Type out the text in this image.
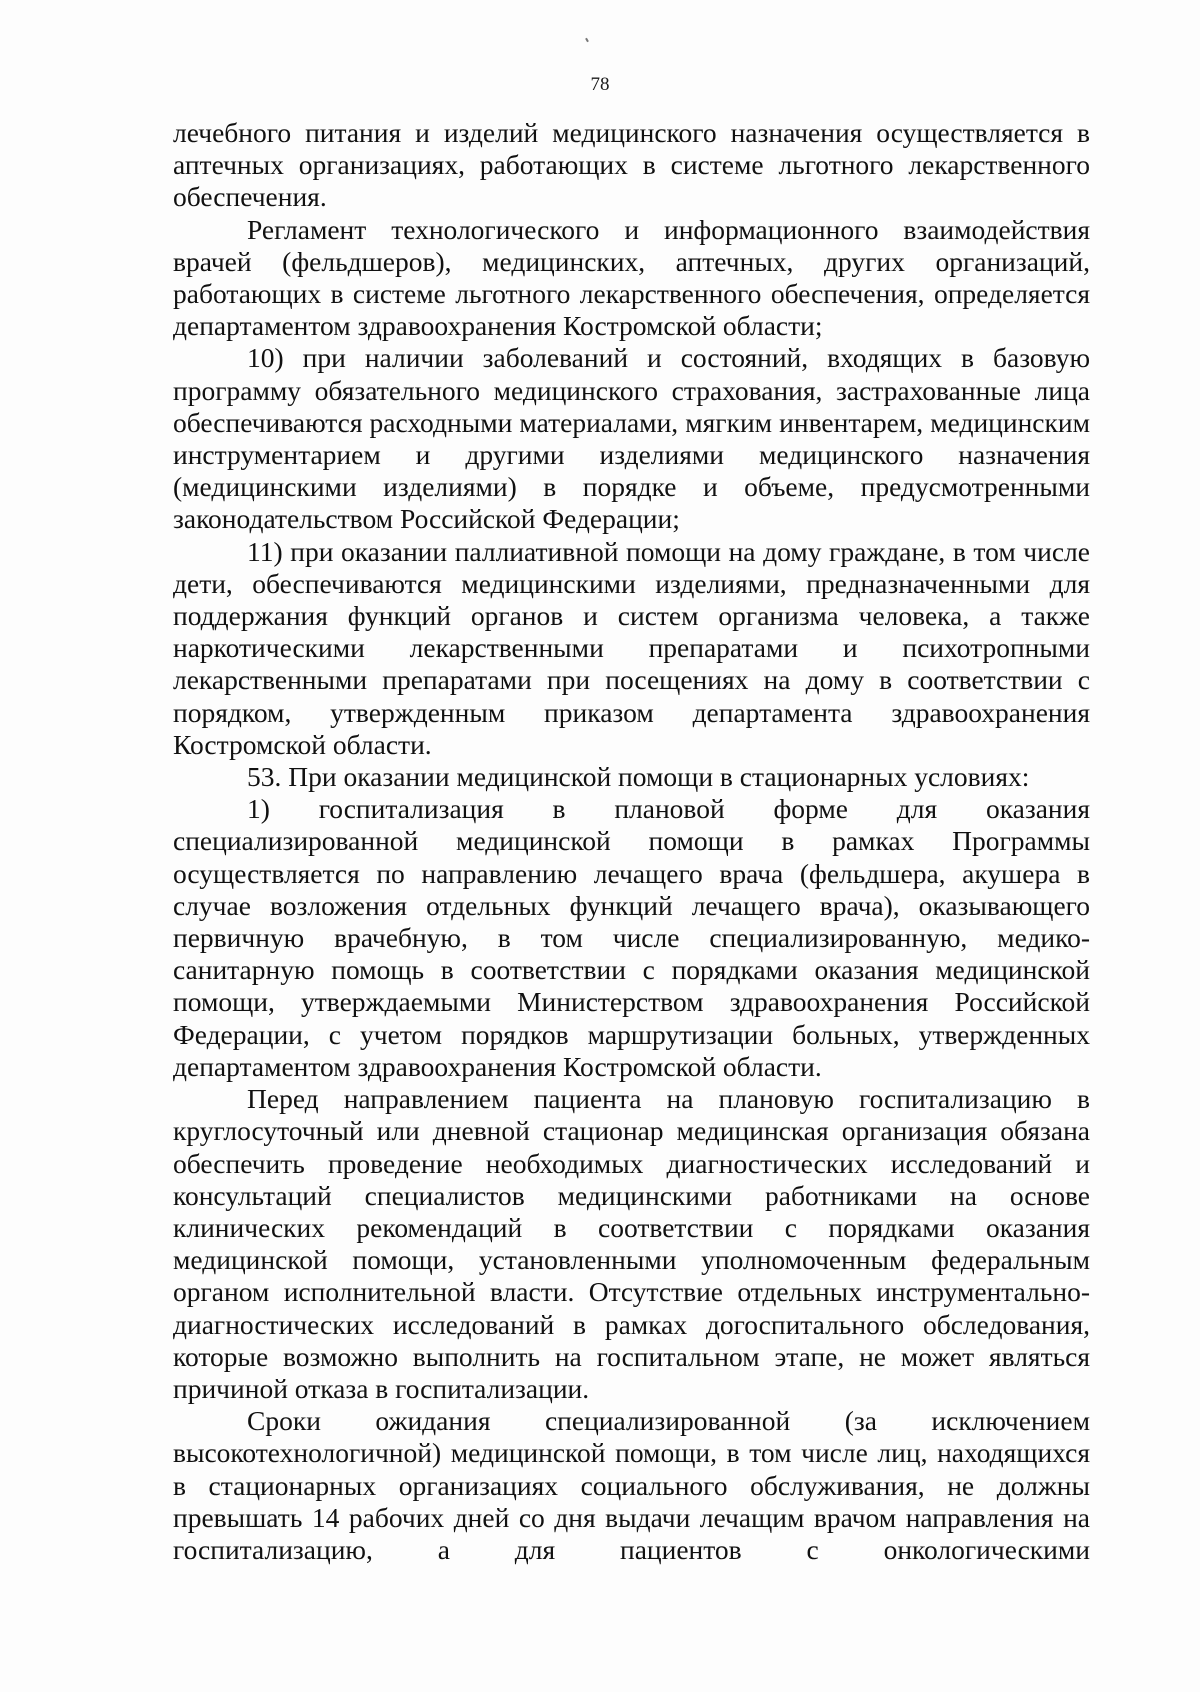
78

лечебного питания и изделий медицинского назначения осуществляется в аптечных организациях, работающих в системе льготного лекарственного обеспечения.

Регламент технологического и информационного взаимодействия врачей (фельдшеров), медицинских, аптечных, других организаций, работающих в системе льготного лекарственного обеспечения, определяется департаментом здравоохранения Костромской области;

10) при наличии заболеваний и состояний, входящих в базовую программу обязательного медицинского страхования, застрахованные лица обеспечиваются расходными материалами, мягким инвентарем, медицинским инструментарием и другими изделиями медицинского назначения (медицинскими изделиями) в порядке и объеме, предусмотренными законодательством Российской Федерации;

11) при оказании паллиативной помощи на дому граждане, в том числе дети, обеспечиваются медицинскими изделиями, предназначенными для поддержания функций органов и систем организма человека, а также наркотическими лекарственными препаратами и психотропными лекарственными препаратами при посещениях на дому в соответствии с порядком, утвержденным приказом департамента здравоохранения Костромской области.

53. При оказании медицинской помощи в стационарных условиях:

1) госпитализация в плановой форме для оказания специализированной медицинской помощи в рамках Программы осуществляется по направлению лечащего врача (фельдшера, акушера в случае возложения отдельных функций лечащего врача), оказывающего первичную врачебную, в том числе специализированную, медико-санитарную помощь в соответствии с порядками оказания медицинской помощи, утверждаемыми Министерством здравоохранения Российской Федерации, с учетом порядков маршрутизации больных, утвержденных департаментом здравоохранения Костромской области.

Перед направлением пациента на плановую госпитализацию в круглосуточный или дневной стационар медицинская организация обязана обеспечить проведение необходимых диагностических исследований и консультаций специалистов медицинскими работниками на основе клинических рекомендаций в соответствии с порядками оказания медицинской помощи, установленными уполномоченным федеральным органом исполнительной власти. Отсутствие отдельных инструментально-диагностических исследований в рамках догоспитального обследования, которые возможно выполнить на госпитальном этапе, не может являться причиной отказа в госпитализации.

Сроки ожидания специализированной (за исключением высокотехнологичной) медицинской помощи, в том числе лиц, находящихся в стационарных организациях социального обслуживания, не должны превышать 14 рабочих дней со дня выдачи лечащим врачом направления на госпитализацию, а для пациентов с онкологическими
